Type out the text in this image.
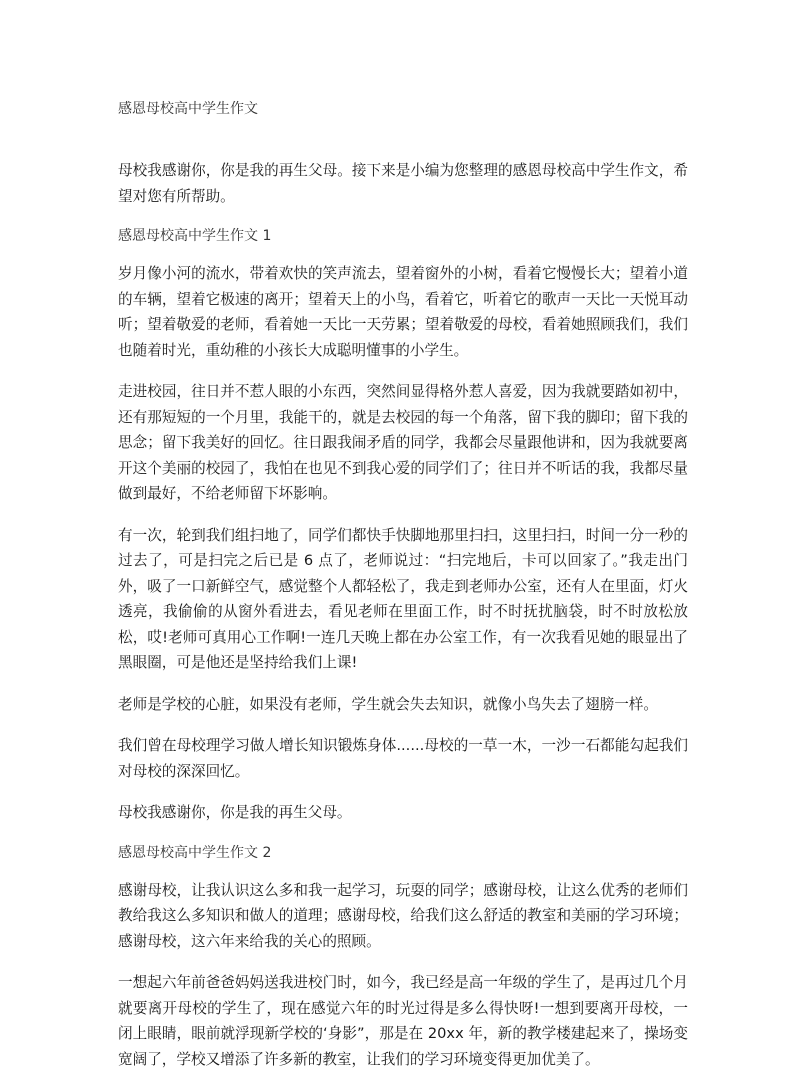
感恩母校高中学生作文

母校我感谢你，你是我的再生父母。接下来是小编为您整理的感恩母校高中学生作文，希望对您有所帮助。

感恩母校高中学生作文 1

岁月像小河的流水，带着欢快的笑声流去，望着窗外的小树，看着它慢慢长大；望着小道的车辆，望着它极速的离开；望着天上的小鸟，看着它，听着它的歌声一天比一天悦耳动听；望着敬爱的老师，看着她一天比一天劳累；望着敬爱的母校，看着她照顾我们，我们也随着时光，重幼稚的小孩长大成聪明懂事的小学生。

走进校园，往日并不惹人眼的小东西，突然间显得格外惹人喜爱，因为我就要踏如初中，还有那短短的一个月里，我能干的，就是去校园的每一个角落，留下我的脚印；留下我的思念；留下我美好的回忆。往日跟我闹矛盾的同学，我都会尽量跟他讲和，因为我就要离开这个美丽的校园了，我怕在也见不到我心爱的同学们了；往日并不听话的我，我都尽量做到最好，不给老师留下坏影响。

有一次，轮到我们组扫地了，同学们都快手快脚地那里扫扫，这里扫扫，时间一分一秒的过去了，可是扫完之后已是 6 点了，老师说过：“扫完地后，卡可以回家了。”我走出门外，吸了一口新鲜空气，感觉整个人都轻松了，我走到老师办公室，还有人在里面，灯火透亮，我偷偷的从窗外看进去，看见老师在里面工作，时不时抚扰脑袋，时不时放松放松，哎!老师可真用心工作啊!一连几天晚上都在办公室工作，有一次我看见她的眼显出了黑眼圈，可是他还是坚持给我们上课!

老师是学校的心脏，如果没有老师，学生就会失去知识，就像小鸟失去了翅膀一样。

我们曾在母校理学习做人增长知识锻炼身体......母校的一草一木，一沙一石都能勾起我们对母校的深深回忆。

母校我感谢你，你是我的再生父母。

感恩母校高中学生作文 2

感谢母校，让我认识这么多和我一起学习，玩耍的同学；感谢母校，让这么优秀的老师们教给我这么多知识和做人的道理；感谢母校，给我们这么舒适的教室和美丽的学习环境；感谢母校，这六年来给我的关心的照顾。

一想起六年前爸爸妈妈送我进校门时，如今，我已经是高一年级的学生了，是再过几个月就要离开母校的学生了，现在感觉六年的时光过得是多么得快呀!一想到要离开母校，一闭上眼睛，眼前就浮现新学校的‘身影”，那是在 20xx 年，新的教学楼建起来了，操场变宽阔了，学校又增添了许多新的教室，让我们的学习环境变得更加优美了。
